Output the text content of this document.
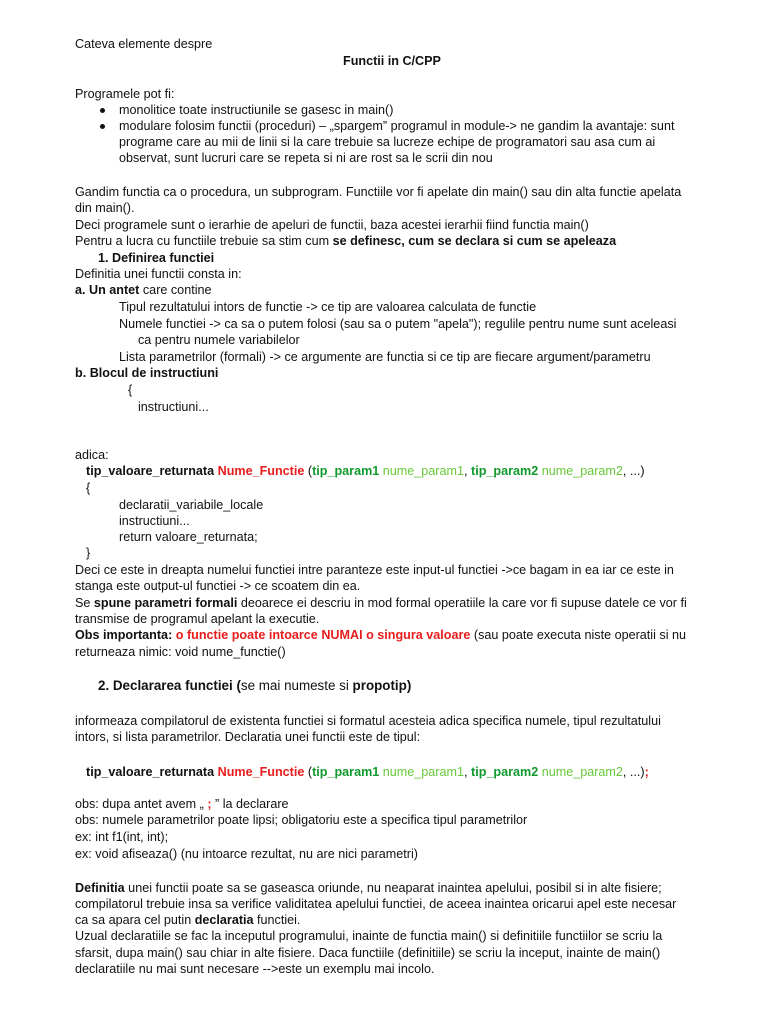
Cateva elemente despre
Functii in C/CPP
Programele pot fi:
monolitice toate instructiunile se gasesc in main()
modulare folosim functii (proceduri) – „spargem” programul in module-> ne gandim la avantaje: sunt
programe care au mii de linii si la care trebuie sa lucreze echipe de programatori sau asa cum ai
observat, sunt lucruri care se repeta si ni are rost sa le scrii din nou
Gandim functia ca o procedura, un subprogram. Functiile vor fi apelate din main() sau din alta functie apelata
din main().
Deci programele sunt o ierarhie de apeluri de functii, baza acestei ierarhii fiind functia main()
Pentru a lucra cu functiile trebuie sa stim cum se definesc, cum se declara si cum se apeleaza
1. Definirea functiei
Definitia unei functii consta in:
a. Un antet care contine
Tipul rezultatului intors de functie -> ce tip are valoarea calculata de functie
Numele functiei -> ca sa o putem folosi (sau sa o putem "apela"); regulile pentru nume sunt aceleasi
ca pentru numele variabilelor
Lista parametrilor (formali) -> ce argumente are functia si ce tip are fiecare argument/parametru
b. Blocul de instructiuni
{
instructiuni...
adica:
tip_valoare_returnata Nume_Functie (tip_param1 nume_param1, tip_param2 nume_param2, ...)
{
declaratii_variabile_locale
instructiuni...
return valoare_returnata;
}
Deci ce este in dreapta numelui functiei intre paranteze este input-ul functiei ->ce bagam in ea iar ce este in
stanga este output-ul functiei -> ce scoatem din ea.
Se spune parametri formali deoarece ei descriu in mod formal operatiile la care vor fi supuse datele ce vor fi
transmise de programul apelant la executie.
Obs importanta: o functie poate intoarce NUMAI o singura valoare (sau poate executa niste operatii si nu
returneaza nimic: void nume_functie()
2. Declararea functiei (se mai numeste si propotip)
informeaza compilatorul de existenta functiei si formatul acesteia adica specifica numele, tipul rezultatului
intors, si lista parametrilor. Declaratia unei functii este de tipul:
tip_valoare_returnata Nume_Functie (tip_param1 nume_param1, tip_param2 nume_param2, ...);
obs: dupa antet avem „ ; ” la declarare
obs: numele parametrilor poate lipsi; obligatoriu este a specifica tipul parametrilor
ex: int f1(int, int);
ex: void afiseaza() (nu intoarce rezultat, nu are nici parametri)
Definitia unei functii poate sa se gaseasca oriunde, nu neaparat inaintea apelului, posibil si in alte fisiere;
compilatorul trebuie insa sa verifice validitatea apelului functiei, de aceea inaintea oricarui apel este necesar
ca sa apara cel putin declaratia functiei.
Uzual declaratiile se fac la inceputul programului, inainte de functia main() si definitiile functiilor se scriu la
sfarsit, dupa main() sau chiar in alte fisiere. Daca functiile (definitiile) se scriu la inceput, inainte de main()
declaratiile nu mai sunt necesare -->este un exemplu mai incolo.
